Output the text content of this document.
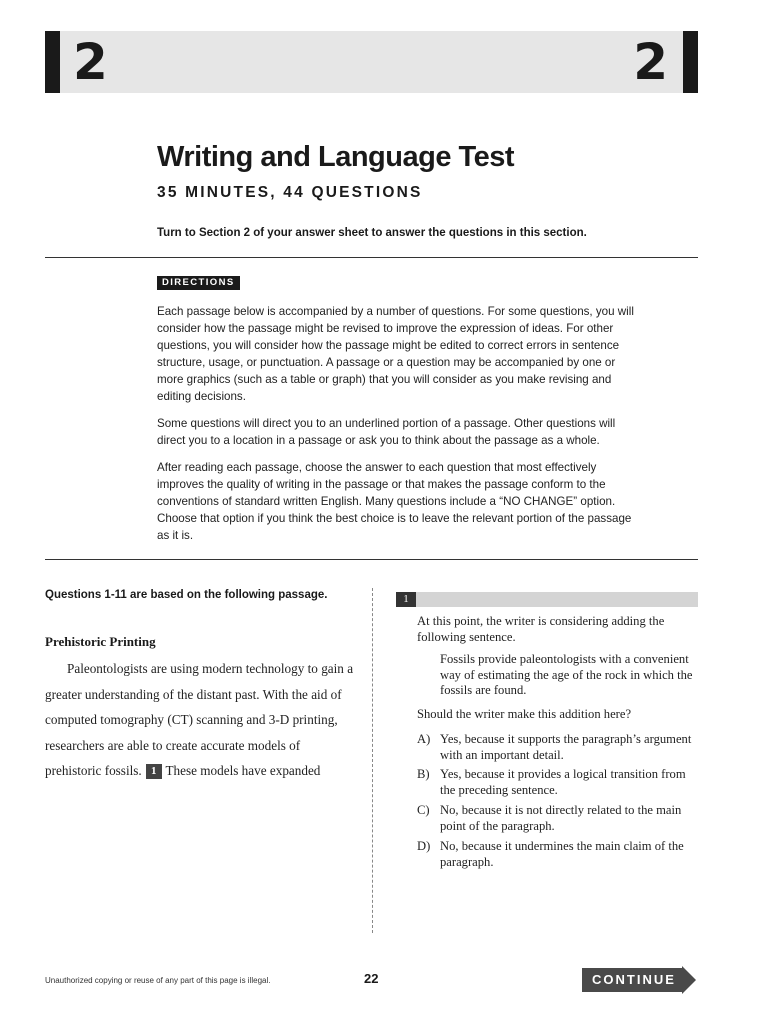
2	2
Writing and Language Test
35 MINUTES, 44 QUESTIONS
Turn to Section 2 of your answer sheet to answer the questions in this section.
DIRECTIONS

Each passage below is accompanied by a number of questions. For some questions, you will consider how the passage might be revised to improve the expression of ideas. For other questions, you will consider how the passage might be edited to correct errors in sentence structure, usage, or punctuation. A passage or a question may be accompanied by one or more graphics (such as a table or graph) that you will consider as you make revising and editing decisions.

Some questions will direct you to an underlined portion of a passage. Other questions will direct you to a location in a passage or ask you to think about the passage as a whole.

After reading each passage, choose the answer to each question that most effectively improves the quality of writing in the passage or that makes the passage conform to the conventions of standard written English. Many questions include a “NO CHANGE” option. Choose that option if you think the best choice is to leave the relevant portion of the passage as it is.

Questions 1-11 are based on the following passage.
Prehistoric Printing
Paleontologists are using modern technology to gain a greater understanding of the distant past. With the aid of computed tomography (CT) scanning and 3-D printing, researchers are able to create accurate models of prehistoric fossils. 1 These models have expanded
1
At this point, the writer is considering adding the following sentence.
Fossils provide paleontologists with a convenient way of estimating the age of the rock in which the fossils are found.
Should the writer make this addition here?
A) Yes, because it supports the paragraph’s argument with an important detail.
B) Yes, because it provides a logical transition from the preceding sentence.
C) No, because it is not directly related to the main point of the paragraph.
D) No, because it undermines the main claim of the paragraph.
Unauthorized copying or reuse of any part of this page is illegal.	22	CONTINUE
